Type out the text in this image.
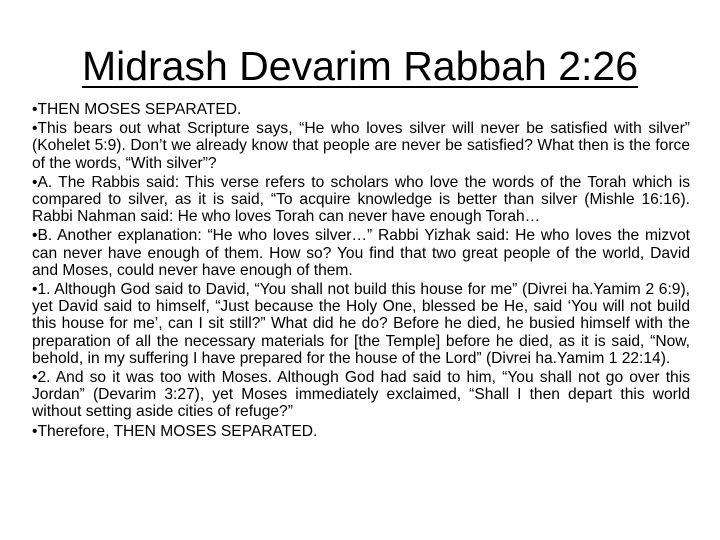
Midrash Devarim Rabbah 2:26

•THEN MOSES SEPARATED.

•This bears out what Scripture says, “He who loves silver will never be satisfied with silver” (Kohelet 5:9). Don’t we already know that people are never be satisfied? What then is the force of the words, “With silver”?

•A. The Rabbis said: This verse refers to scholars who love the words of the Torah which is compared to silver, as it is said, “To acquire knowledge is better than silver (Mishle 16:16). Rabbi Nahman said: He who loves Torah can never have enough Torah…

•B. Another explanation: “He who loves silver…” Rabbi Yizhak said: He who loves the mizvot can never have enough of them. How so? You find that two great people of the world, David and Moses, could never have enough of them.

•1. Although God said to David, “You shall not build this house for me” (Divrei ha.Yamim 2 6:9), yet David said to himself, “Just because the Holy One, blessed be He, said ‘You will not build this house for me’, can I sit still?” What did he do? Before he died, he busied himself with the preparation of all the necessary materials for [the Temple] before he died, as it is said, “Now, behold, in my suffering I have prepared for the house of the Lord” (Divrei ha.Yamim 1 22:14).

•2. And so it was too with Moses. Although God had said to him, “You shall not go over this Jordan” (Devarim 3:27), yet Moses immediately exclaimed, “Shall I then depart this world without setting aside cities of refuge?”

•Therefore, THEN MOSES SEPARATED.
